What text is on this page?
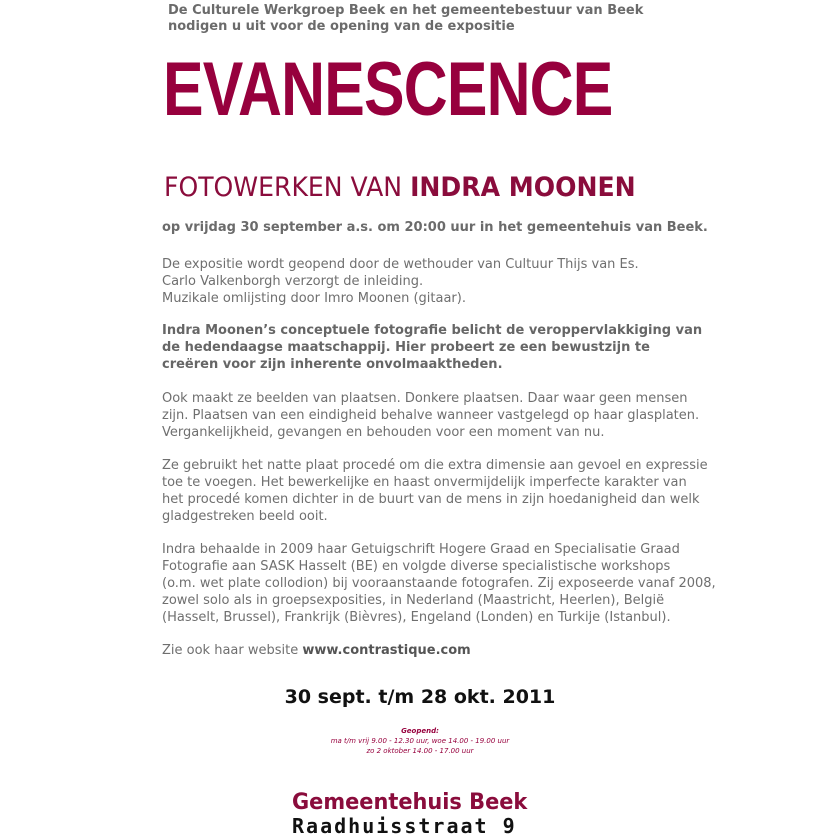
De Culturele Werkgroep Beek en het gemeentebestuur van Beek
nodigen u uit voor de opening van de expositie
EVANESCENCE
FOTOWERKEN VAN INDRA MOONEN
op vrijdag 30 september a.s. om 20:00 uur in het gemeentehuis van Beek.
De expositie wordt geopend door de wethouder van Cultuur Thijs van Es.
Carlo Valkenborgh verzorgt de inleiding.
Muzikale omlijsting door Imro Moonen (gitaar).
Indra Moonen’s conceptuele fotografie belicht de veroppervlakkiging van
de hedendaagse maatschappij. Hier probeert ze een bewustzijn te
creëren voor zijn inherente onvolmaaktheden.
Ook maakt ze beelden van plaatsen. Donkere plaatsen. Daar waar geen mensen
zijn. Plaatsen van een eindigheid behalve wanneer vastgelegd op haar glasplaten.
Vergankelijkheid, gevangen en behouden voor een moment van nu.
Ze gebruikt het natte plaat procedé om die extra dimensie aan gevoel en expressie
toe te voegen. Het bewerkelijke en haast onvermijdelijk imperfecte karakter van
het procedé komen dichter in de buurt van de mens in zijn hoedanigheid dan welk
gladgestreken beeld ooit.
Indra behaalde in 2009 haar Getuigschrift Hogere Graad en Specialisatie Graad
Fotografie aan SASK Hasselt (BE) en volgde diverse specialistische workshops
(o.m. wet plate collodion) bij vooraanstaande fotografen. Zij exposeerde vanaf 2008,
zowel solo als in groepsexposities, in Nederland (Maastricht, Heerlen), België
(Hasselt, Brussel), Frankrijk (Bièvres), Engeland (Londen) en Turkije (Istanbul).
Zie ook haar website www.contrastique.com
30 sept. t/m 28 okt. 2011
Geopend:
ma t/m vrij 9.00 - 12.30 uur, woe 14.00 - 19.00 uur
zo 2 oktober 14.00 - 17.00 uur
Gemeentehuis Beek
Raadhuisstraat 9
